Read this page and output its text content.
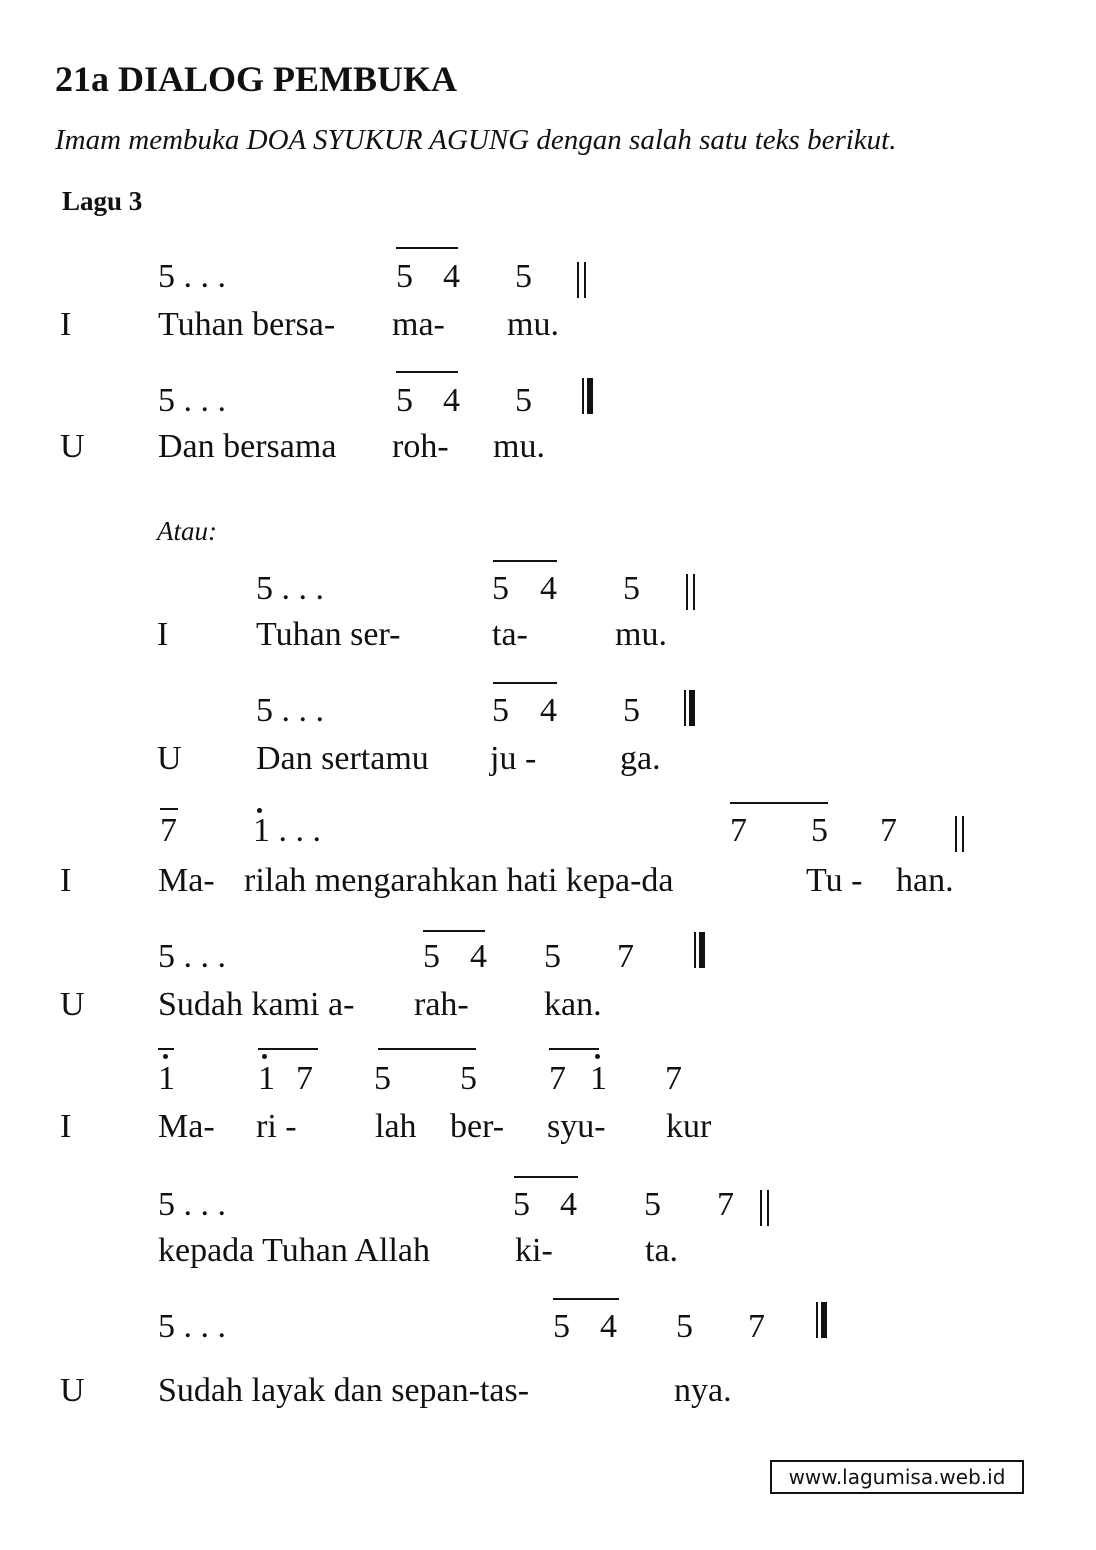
21a DIALOG PEMBUKA
Imam membuka DOA SYUKUR AGUNG dengan salah satu teks berikut.
Lagu 3
5 . . .	5 4 5
I	Tuhan bersa- ma- mu.
5 . . .	5 4 5
U Dan bersama roh- mu.
Atau:
5 . . .	5 4 5
I	Tuhan ser-	ta-	mu.
5 . . .	5 4 5
U Dan sertamu ju - ga.
7 1 . . .	7 5 7
I	Ma- rilah mengarahkan hati kepa-da	Tu - han.
5 . . .	5 4 5 7
U Sudah kami a- rah- kan.
1 1 7 5 5 7 1 7
I	Ma- ri - lah ber- syu- kur
5 . . .	5 4 5 7
kepada Tuhan Allah	ki-	ta.
5 . . .	5 4 5 7
U Sudah layak dan sepan-tas-	nya.
www.lagumisa.web.id
